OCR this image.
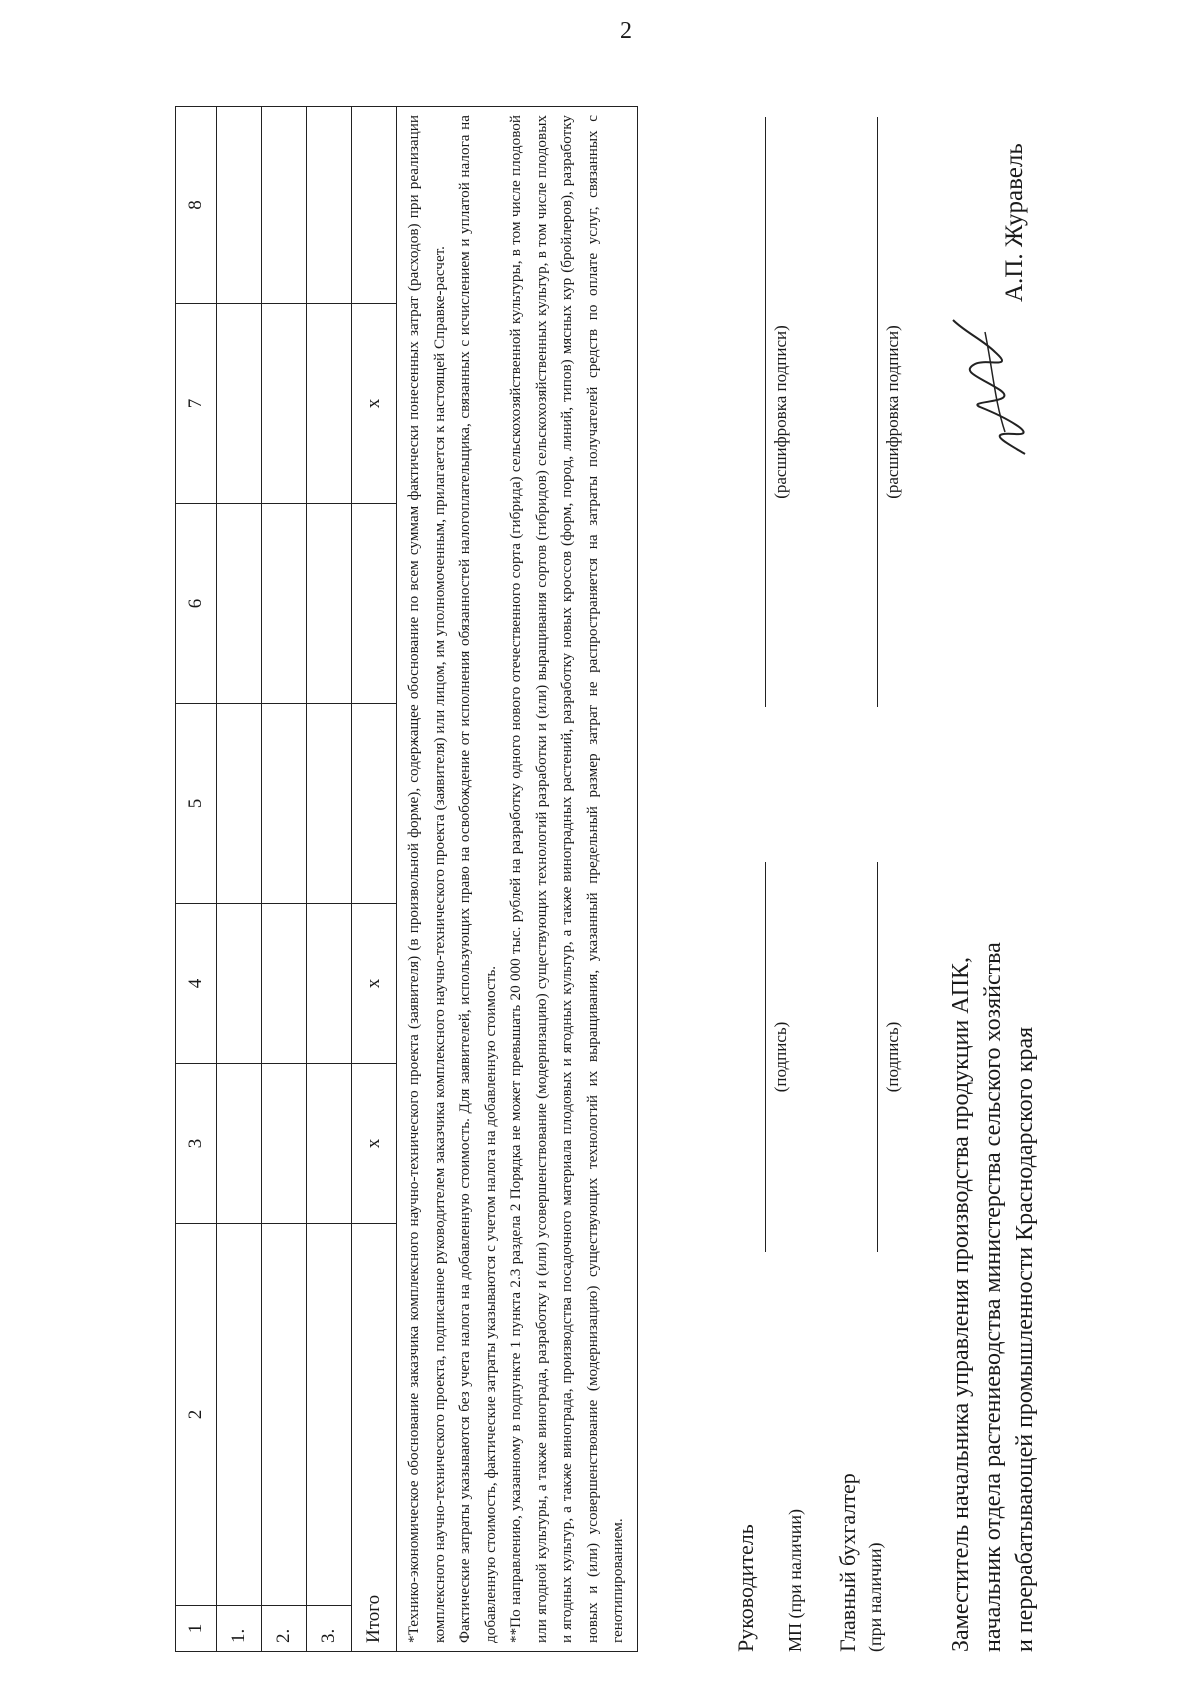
2
1	2	3	4	5	6	7	8
1.							
2.							
3.							
Итого		х	х			х	

*Технико-экономическое обоснование заказчика комплексного научно-технического проекта (заявителя) (в произвольной форме), содержащее обоснование по всем суммам фактически понесенных затрат (расходов) при реализации комплексного научно-технического проекта, подписанное руководителем заказчика комплексного научно-технического проекта (заявителя) или лицом, им уполномоченным, прилагается к настоящей Справке-расчет. Фактические затраты указываются без учета налога на добавленную стоимость. Для заявителей, использующих право на освобождение от исполнения обязанностей налогоплательщика, связанных с исчислением и уплатой налога на добавленную стоимость, фактические затраты указываются с учетом налога на добавленную стоимость. **По направлению, указанному в подпункте 1 пункта 2.3 раздела 2 Порядка не может превышать 20 000 тыс. рублей на разработку одного нового отечественного сорта (гибрида) сельскохозяйственной культуры, в том числе плодовой или ягодной культуры, а также винограда, разработку и (или) усовершенствование (модернизацию) существующих технологий разработки и (или) выращивания сортов (гибридов) сельскохозяйственных культур, в том числе плодовых и ягодных культур, а также винограда, производства посадочного материала плодовых и ягодных культур, а также виноградных растений, разработку новых кроссов (форм, пород, линий, типов) мясных кур (бройлеров), разработку новых и (или) усовершенствование (модернизацию) существующих технологий их выращивания, указанный предельный размер затрат не распространяется на затраты получателей средств по оплате услуг, связанных с генотипированием.								Руководитель
(подпись)
(расшифровка подписи)
МП (при наличии) Главный бухгалтер (при наличии)
(подпись)
(расшифровка подписи)
Заместитель начальника управления производства продукции АПК, начальник отдела растениеводства министерства сельского хозяйства и перерабатывающей промышленности Краснодарского края
А.П. Журавель
